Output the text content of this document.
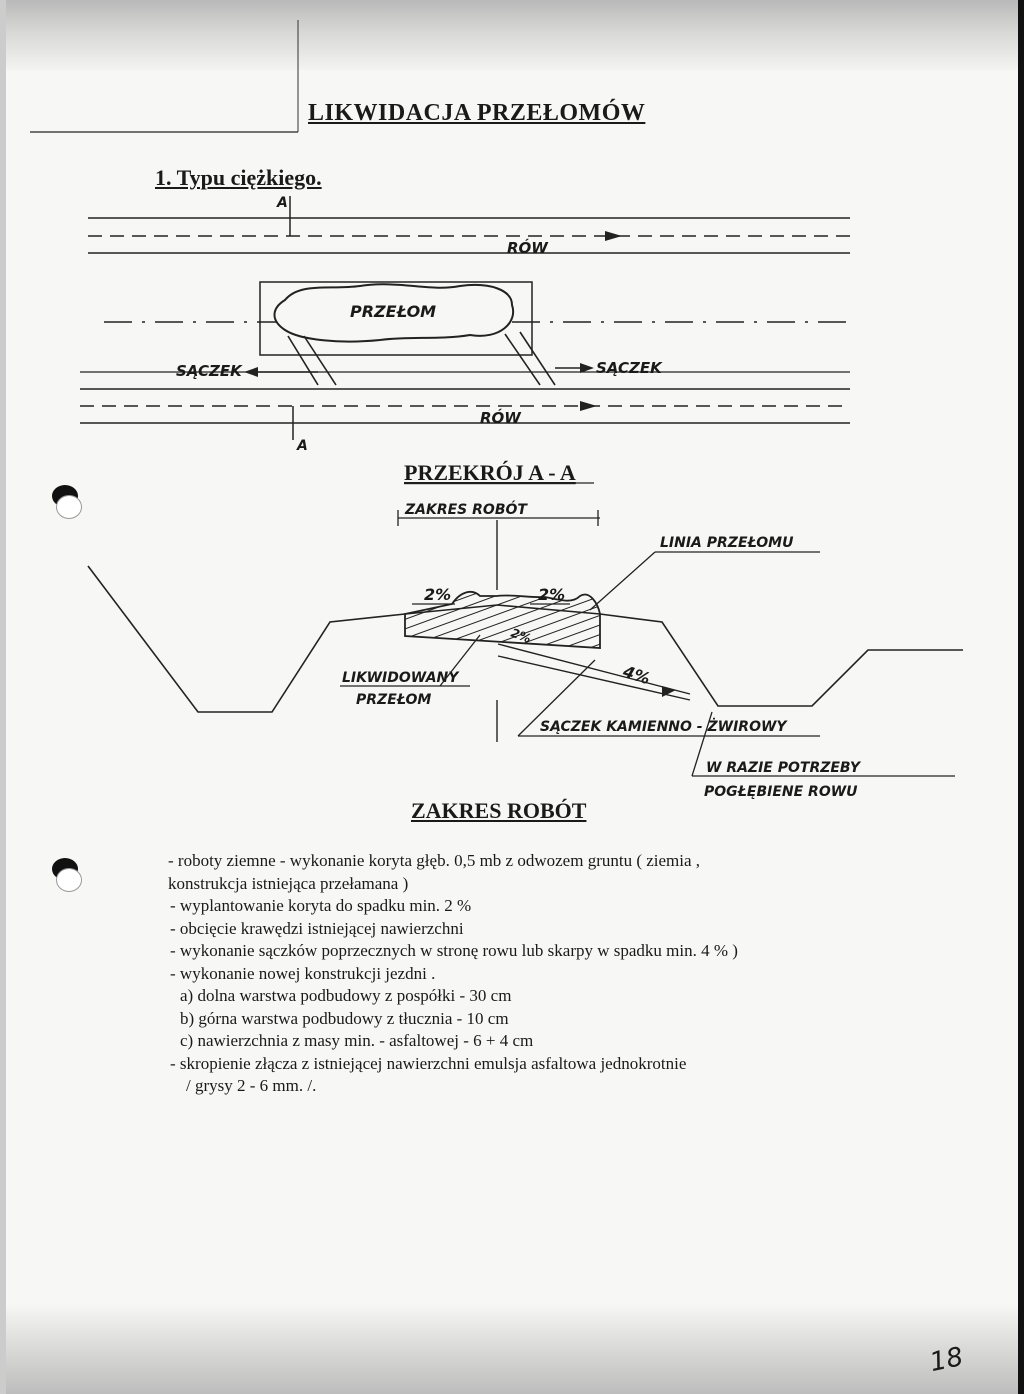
LIKWIDACJA PRZEŁOMÓW
1. Typu ciężkiego.
A
RÓW
PRZEŁOM
SĄCZEK	SĄCZEK
A
RÓW
PRZEKRÓJ A - A
ZAKRES ROBÓT
2%	2%
2%
4%
LINIA PRZEŁOMU
LIKWIDOWANY
PRZEŁOM
SĄCZEK KAMIENNO - ŻWIROWY
W RAZIE POTRZEBY
POGŁĘBIENE ROWU
ZAKRES ROBÓT
- roboty ziemne - wykonanie koryta głęb. 0,5 mb z odwozem gruntu ( ziemia ,
konstrukcja istniejąca przełamana )
- wyplantowanie koryta do spadku min. 2 %
- obcięcie krawędzi istniejącej nawierzchni
- wykonanie sączków poprzecznych w stronę rowu lub skarpy w spadku min. 4 % )
- wykonanie nowej konstrukcji jezdni .
a) dolna warstwa podbudowy z pospółki - 30 cm
b) górna warstwa podbudowy z tłucznia - 10 cm
c) nawierzchnia z masy min. - asfaltowej - 6 + 4 cm
- skropienie złącza z istniejącej nawierzchni emulsja asfaltowa jednokrotnie
/ grysy 2 - 6 mm. /.
18
